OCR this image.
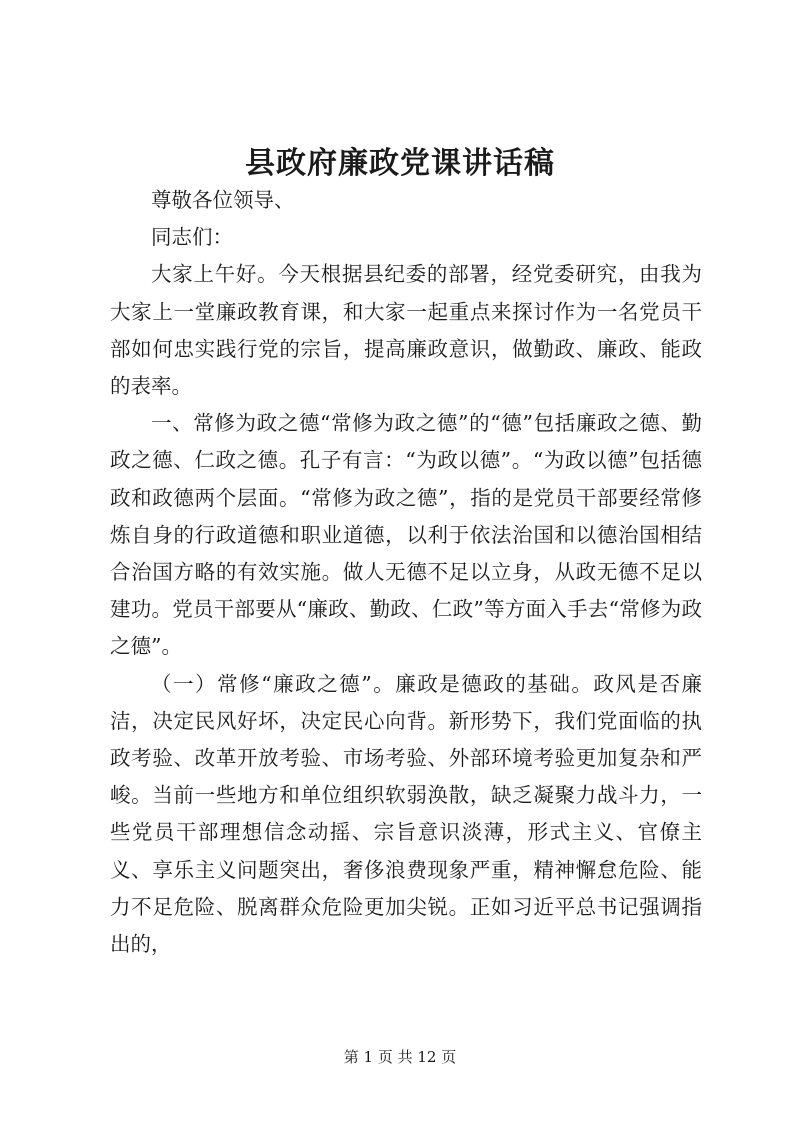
县政府廉政党课讲话稿

尊敬各位领导、

同志们：

大家上午好。今天根据县纪委的部署，经党委研究，由我为大家上一堂廉政教育课，和大家一起重点来探讨作为一名党员干部如何忠实践行党的宗旨，提高廉政意识，做勤政、廉政、能政的表率。

一、常修为政之德“常修为政之德”的“德”包括廉政之德、勤政之德、仁政之德。孔子有言：“为政以德”。“为政以德”包括德政和政德两个层面。“常修为政之德”，指的是党员干部要经常修炼自身的行政道德和职业道德，以利于依法治国和以德治国相结合治国方略的有效实施。做人无德不足以立身，从政无德不足以建功。党员干部要从“廉政、勤政、仁政”等方面入手去“常修为政之德”。

（一）常修“廉政之德”。廉政是德政的基础。政风是否廉洁，决定民风好坏，决定民心向背。新形势下，我们党面临的执政考验、改革开放考验、市场考验、外部环境考验更加复杂和严峻。当前一些地方和单位组织软弱涣散，缺乏凝聚力战斗力，一些党员干部理想信念动摇、宗旨意识淡薄，形式主义、官僚主义、享乐主义问题突出，奢侈浪费现象严重，精神懈怠危险、能力不足危险、脱离群众危险更加尖锐。正如习近平总书记强调指出的，

第 1 页 共 12 页
